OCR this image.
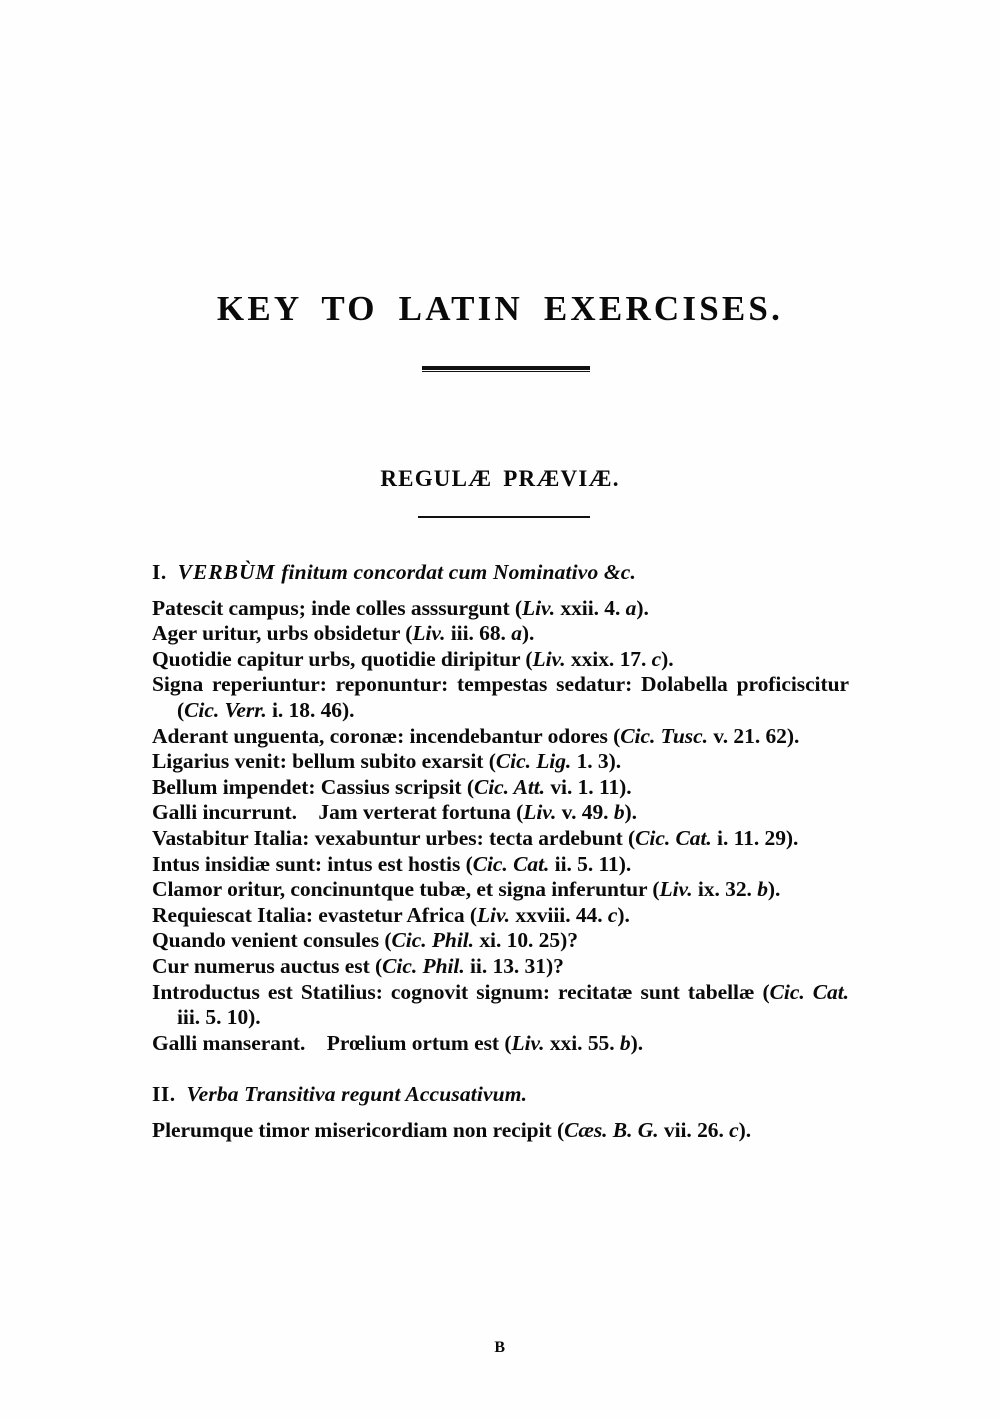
KEY TO LATIN EXERCISES.
REGULÆ PRÆVIÆ.
I.  VERBÙM finitum concordat cum Nominativo &c.
Patescit campus; inde colles asssurgunt (Liv. xxii. 4. a).
Ager uritur, urbs obsidetur (Liv. iii. 68. a).
Quotidie capitur urbs, quotidie diripitur (Liv. xxix. 17. c).
Signa reperiuntur: reponuntur: tempestas sedatur: Dolabella proficiscitur (Cic. Verr. i. 18. 46).
Aderant unguenta, coronæ: incendebantur odores (Cic. Tusc. v. 21. 62).
Ligarius venit: bellum subito exarsit (Cic. Lig. 1. 3).
Bellum impendet: Cassius scripsit (Cic. Att. vi. 1. 11).
Galli incurrunt. Jam verterat fortuna (Liv. v. 49. b).
Vastabitur Italia: vexabuntur urbes: tecta ardebunt (Cic. Cat. i. 11. 29).
Intus insidiæ sunt: intus est hostis (Cic. Cat. ii. 5. 11).
Clamor oritur, concinuntque tubæ, et signa inferuntur (Liv. ix. 32. b).
Requiescat Italia: evastetur Africa (Liv. xxviii. 44. c).
Quando venient consules (Cic. Phil. xi. 10. 25)?
Cur numerus auctus est (Cic. Phil. ii. 13. 31)?
Introductus est Statilius: cognovit signum: recitatæ sunt tabellæ (Cic. Cat. iii. 5. 10).
Galli manserant. Prœlium ortum est (Liv. xxi. 55. b).
II.  Verba Transitiva regunt Accusativum.
Plerumque timor misericordiam non recipit (Cæs. B. G. vii. 26. c).
B
